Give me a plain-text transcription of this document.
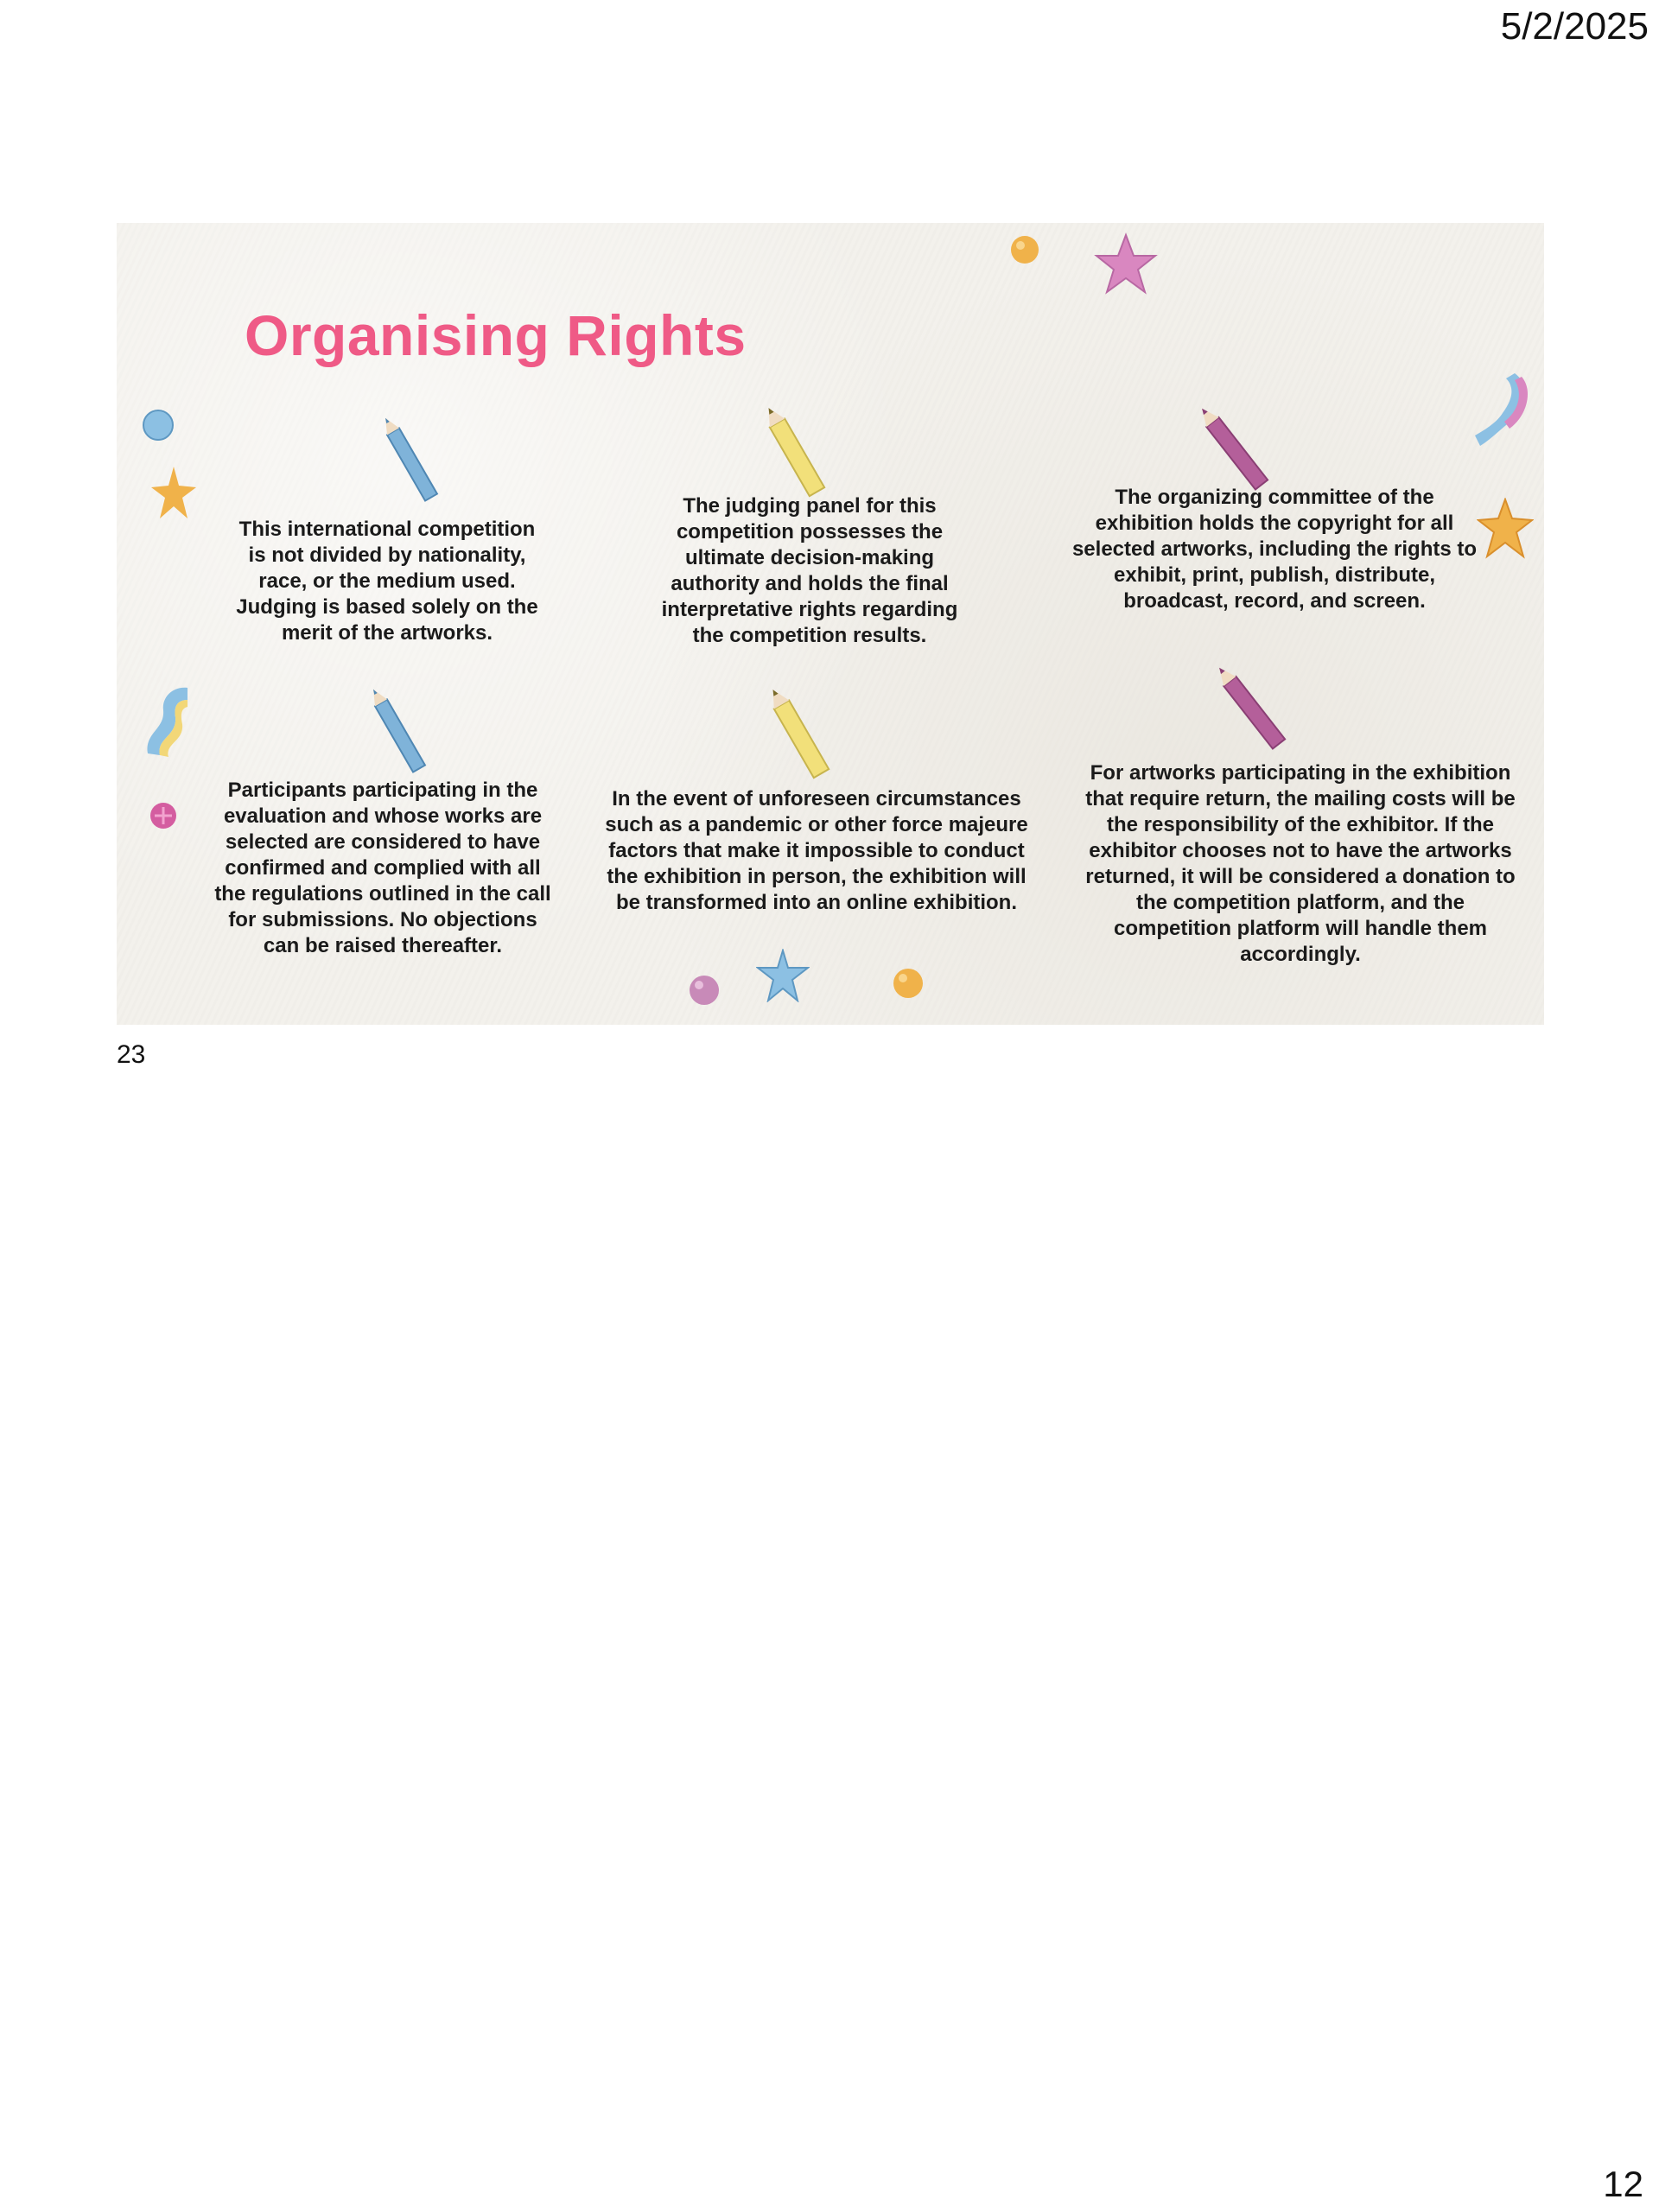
5/2/2025
Organising Rights
This international competition is not divided by nationality, race, or the medium used. Judging is based solely on the merit of the artworks.
The judging panel for this competition possesses the ultimate decision-making authority and holds the final interpretative rights regarding the competition results.
The organizing committee of the exhibition holds the copyright for all selected artworks, including the rights to exhibit, print, publish, distribute, broadcast, record, and screen.
Participants participating in the evaluation and whose works are selected are considered to have confirmed and complied with all the regulations outlined in the call for submissions. No objections can be raised thereafter.
In the event of unforeseen circumstances such as a pandemic or other force majeure factors that make it impossible to conduct the exhibition in person, the exhibition will be transformed into an online exhibition.
For artworks participating in the exhibition that require return, the mailing costs will be the responsibility of the exhibitor. If the exhibitor chooses not to have the artworks returned, it will be considered a donation to the competition platform, and the competition platform will handle them accordingly.
23
12
